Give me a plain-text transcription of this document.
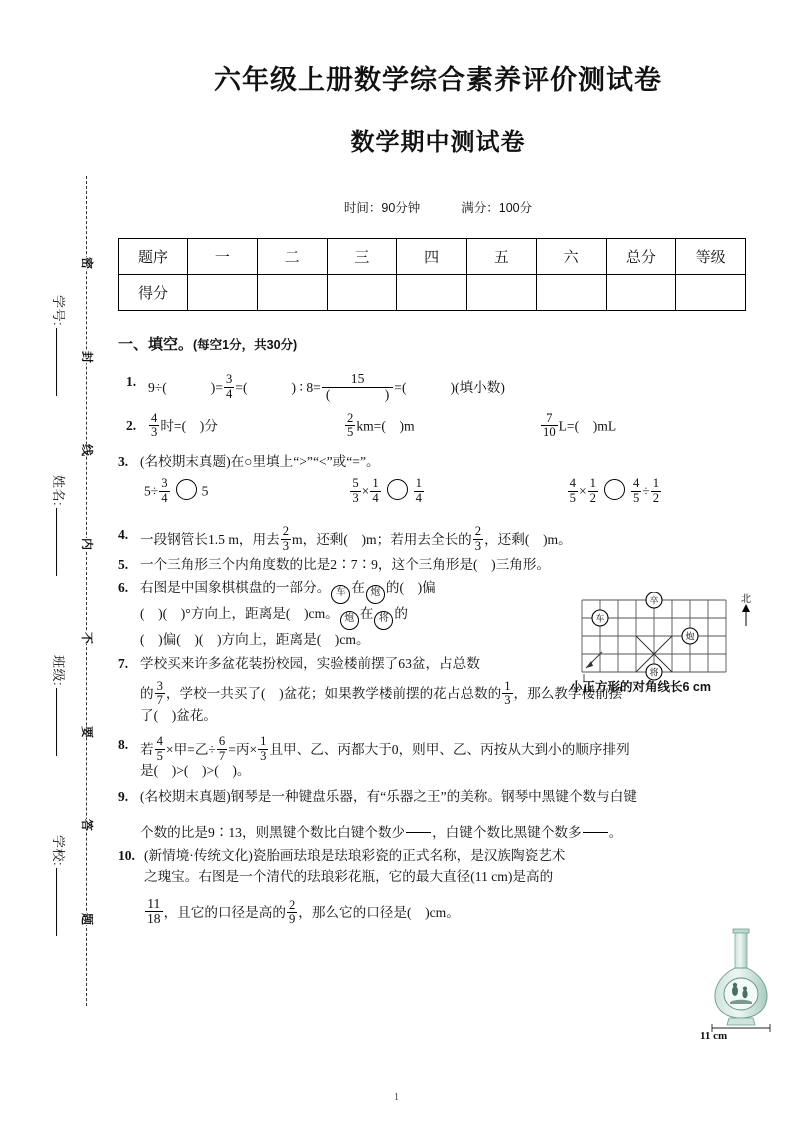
密
封
线
内
不
要
答
题
学号:
姓名:
班级:
学校:
六年级上册数学综合素养评价测试卷
数学期中测试卷
时间：90分钟	满分：100分
题序	一	二	三	四	五	六	总分	等级
得分								
一、填空。(每空1分，共30分)
1. 9÷ (  )	= $\frac{3}{4}$ = (  )	∶ $8= \frac{15}{( )}$ = (  )	(填小数)
2. $\frac{4}{3}$ 时=(　)分	$\frac{2}{5} km=$(　)m	$\frac{7}{10} L=$(　)mL
3. (名校期末真题)在○里填上“>”“<”或“=”。
$5\div \frac{3}{4} 5$	$\frac{5}{3} \times \frac{1}{4}$	$\frac{1}{4}$	$\frac{4}{5} \times \frac{1}{2}$	$\frac{4}{5} \div \frac{1}{2}$
4. 一段钢管长1.5 m，用去 $\frac{2}{3}$ m，还剩(　)m；若用去全长的 $\frac{2}{3}$ ，还剩(　)m。
5. 一个三角形三个内角度数的比是2∶7∶9，这个三角形是(　)三角形。
6. 右图是中国象棋棋盘的一部分。 车 在 炮 的(　)偏
(　)(　)°方向上，距离是(　)cm。 炮 在 将 的
(　)偏(　)(　)方向上，距离是(　)cm。
7. 学校买来许多盆花装扮校园，实验楼前摆了63盆，占总数
的 $\frac{3}{7}$ ，学校一共买了(　)盆花；如果教学楼前摆的花占总数的 $\frac{1}{3}$ ，那么教学楼前摆
了(　)盆花。
8. 若 $\frac{4}{5}$ ×甲=乙÷ $\frac{6}{7}$ =丙× $\frac{1}{3}$ 且甲、乙、丙都大于0，则甲、乙、丙按从大到小的顺序排列
是(　)>(　)>(　)。
9. (名校期末真题)钢琴是一种键盘乐器，有“乐器之王”的美称。钢琴中黑键个数与白键
个数的比是9∶13，则黑键个数比白键个数少

，白键个数比黑键个数多

。
10. (新情境·传统文化)瓷胎画珐琅是珐琅彩瓷的正式名称，是汉族陶瓷艺术
之瑰宝。右图是一个清代的珐琅彩花瓶，它的最大直径(11 cm)是高的
$\frac{11}{18}$ ，且它的口径是高的 $\frac{2}{9}$ ，那么它的口径是(　)cm。
车
卒
炮
将
北
小正方形的对角线长6 cm
11 cm
1
